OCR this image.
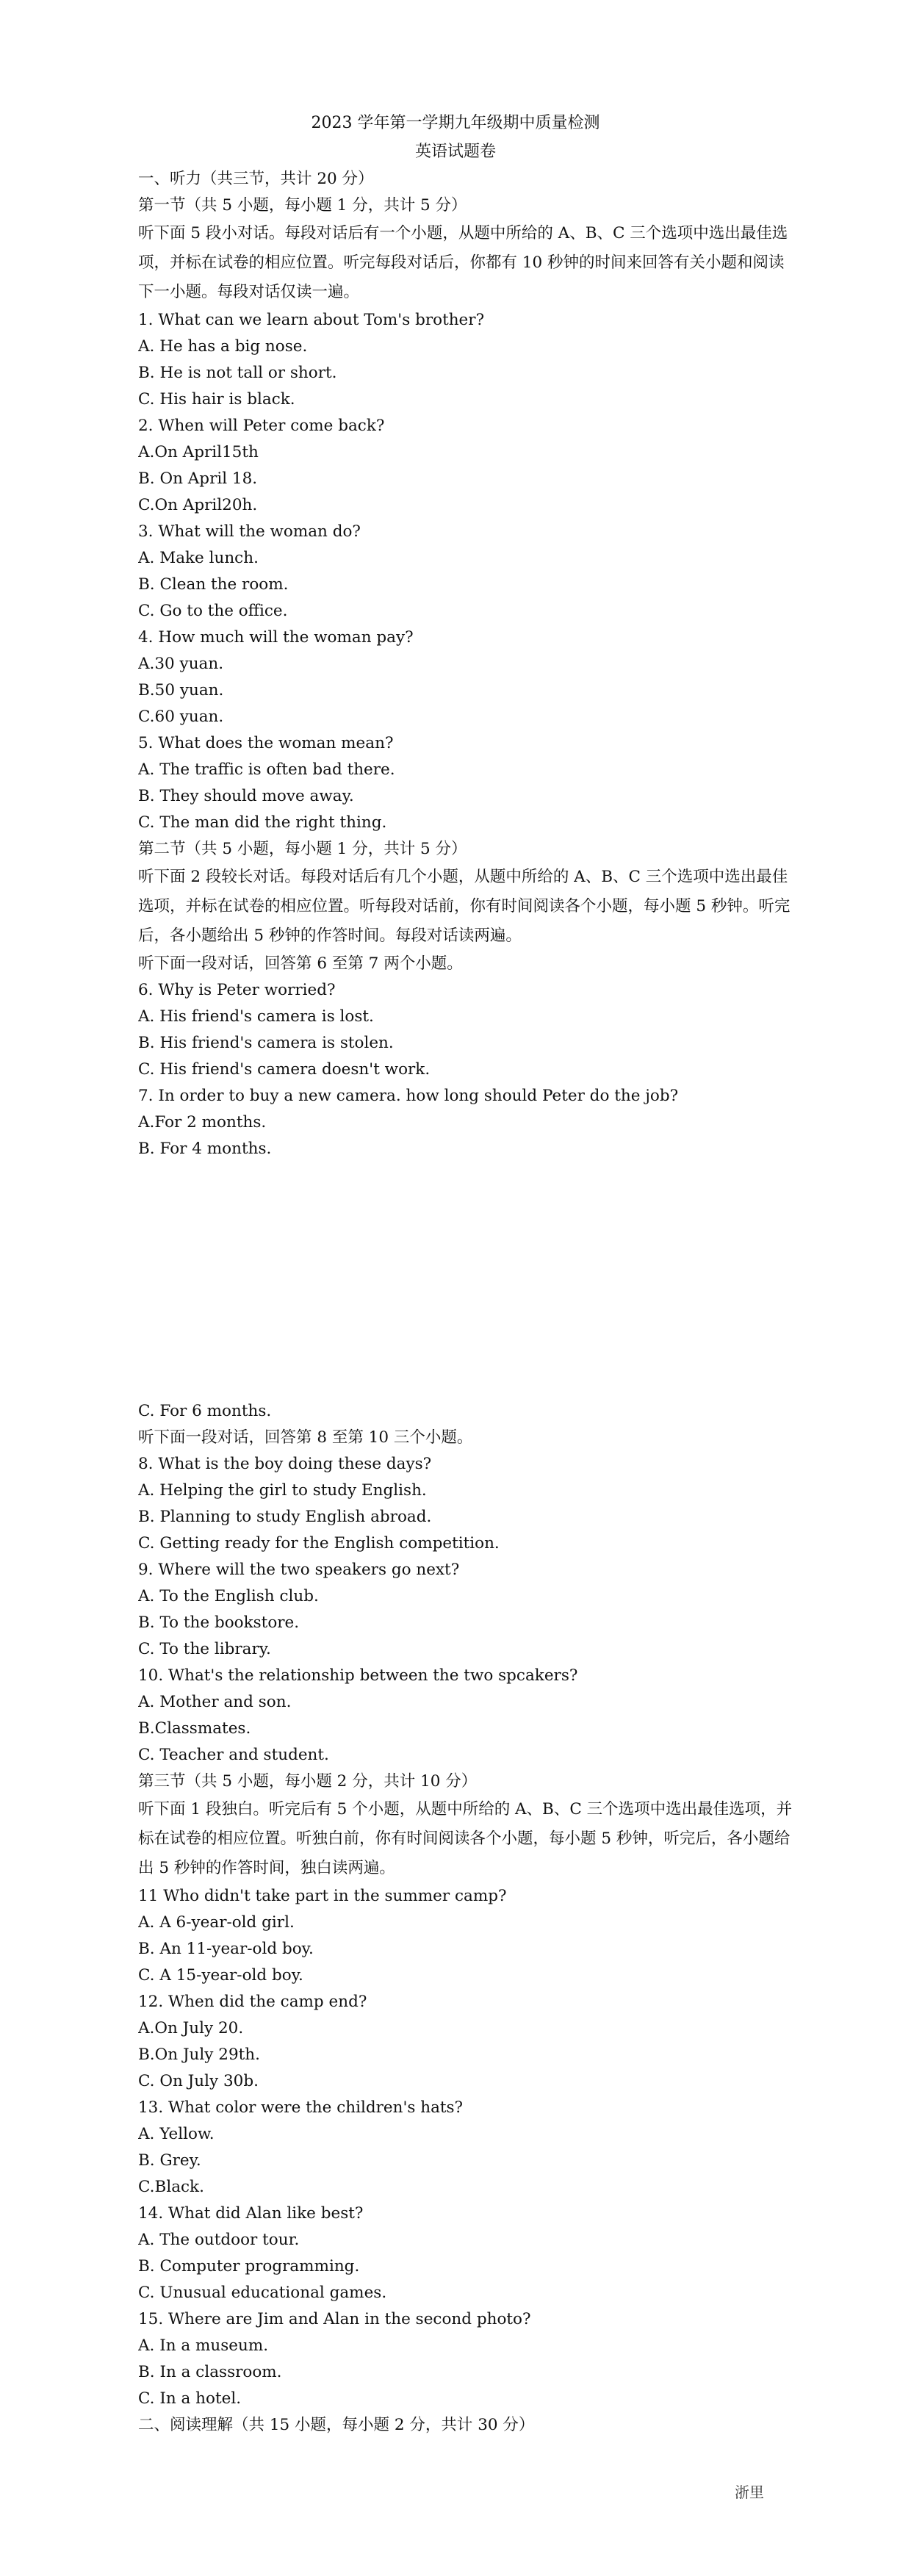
2023 学年第一学期九年级期中质量检测
英语试题卷
一、听力（共三节，共计 20 分）
第一节（共 5 小题，每小题 1 分，共计 5 分）
听下面 5 段小对话。每段对话后有一个小题，从题中所给的 A、B、C 三个选项中选出最佳选项，并标在试卷的相应位置。听完每段对话后，你都有 10 秒钟的时间来回答有关小题和阅读下一小题。每段对话仅读一遍。
1. What can we learn about Tom's brother?
A. He has a big nose.
B. He is not tall or short.
C. His hair is black.
2. When will Peter come back?
A.On April15th
B. On April 18.
C.On April20h.
3. What will the woman do?
A. Make lunch.
B. Clean the room.
C. Go to the office.
4. How much will the woman pay?
A.30 yuan.
B.50 yuan.
C.60 yuan.
5. What does the woman mean?
A. The traffic is often bad there.
B. They should move away.
C. The man did the right thing.
第二节（共 5 小题，每小题 1 分，共计 5 分）
听下面 2 段较长对话。每段对话后有几个小题，从题中所给的 A、B、C 三个选项中选出最佳选项，并标在试卷的相应位置。听每段对话前，你有时间阅读各个小题，每小题 5 秒钟。听完后，各小题给出 5 秒钟的作答时间。每段对话读两遍。
听下面一段对话，回答第 6 至第 7 两个小题。
6. Why is Peter worried?
A. His friend's camera is lost.
B. His friend's camera is stolen.
C. His friend's camera doesn't work.
7. In order to buy a new camera. how long should Peter do the job?
A.For 2 months.
B. For 4 months.
C. For 6 months.
听下面一段对话，回答第 8 至第 10 三个小题。
8. What is the boy doing these days?
A. Helping the girl to study English.
B. Planning to study English abroad.
C. Getting ready for the English competition.
9. Where will the two speakers go next?
A. To the English club.
B. To the bookstore.
C. To the library.
10. What's the relationship between the two spcakers?
A. Mother and son.
B.Classmates.
C. Teacher and student.
第三节（共 5 小题，每小题 2 分，共计 10 分）
听下面 1 段独白。听完后有 5 个小题，从题中所给的 A、B、C 三个选项中选出最佳选项，并标在试卷的相应位置。听独白前，你有时间阅读各个小题，每小题 5 秒钟，听完后，各小题给出 5 秒钟的作答时间，独白读两遍。
11 Who didn't take part in the summer camp?
A. A 6-year-old girl.
B. An 11-year-old boy.
C. A 15-year-old boy.
12. When did the camp end?
A.On July 20.
B.On July 29th.
C. On July 30b.
13. What color were the children's hats?
A. Yellow.
B. Grey.
C.Black.
14. What did Alan like best?
A. The outdoor tour.
B. Computer programming.
C. Unusual educational games.
15. Where are Jim and Alan in the second photo?
A. In a museum.
B. In a classroom.
C. In a hotel.
二、阅读理解（共 15 小题，每小题 2 分，共计 30 分）
浙里
